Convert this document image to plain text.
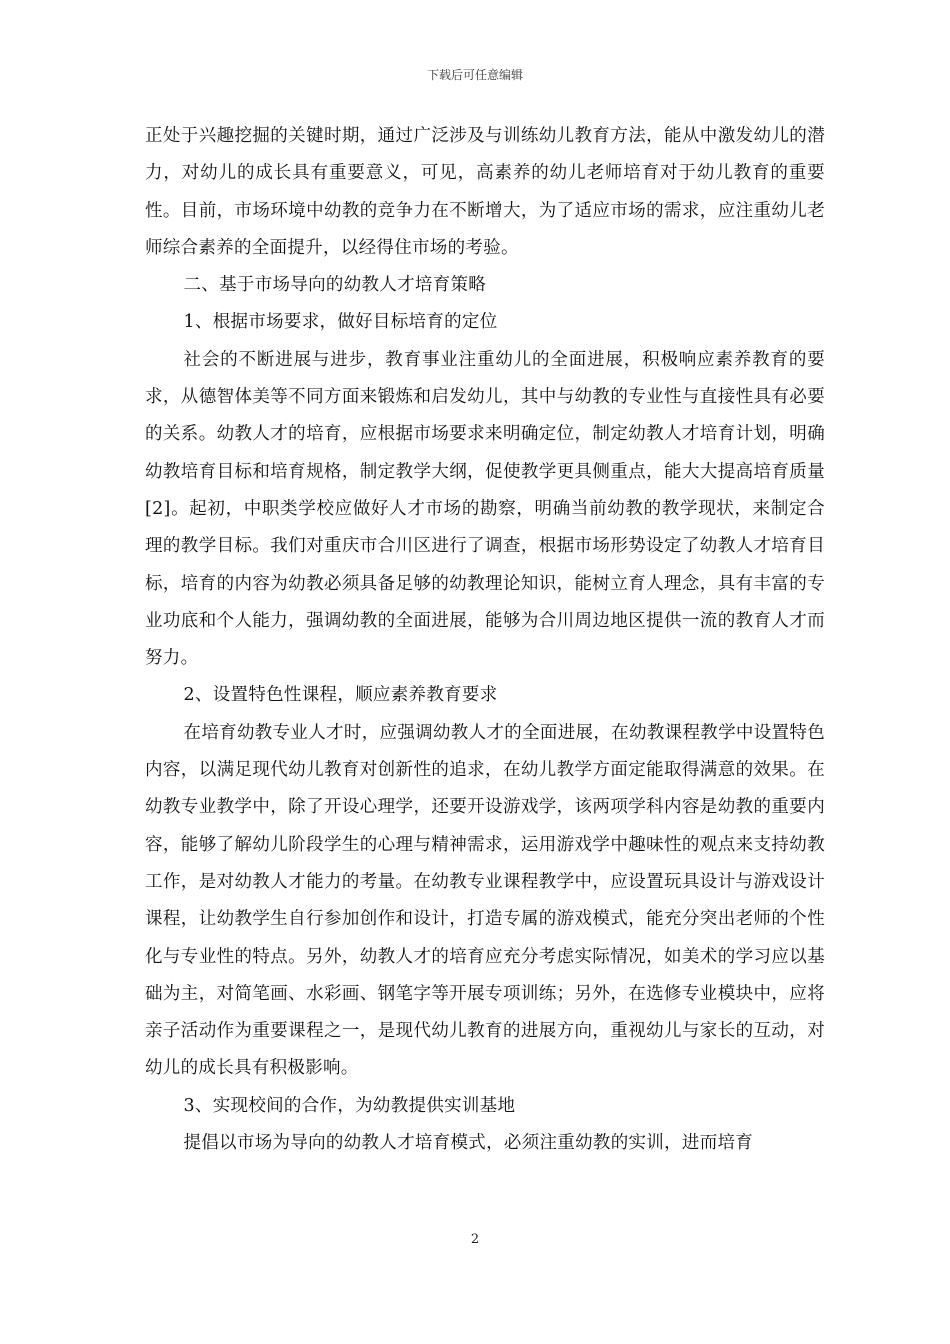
下载后可任意编辑

正处于兴趣挖掘的关键时期，通过广泛涉及与训练幼儿教育方法，能从中激发幼儿的潜力，对幼儿的成长具有重要意义，可见，高素养的幼儿老师培育对于幼儿教育的重要性。目前，市场环境中幼教的竞争力在不断增大，为了适应市场的需求，应注重幼儿老师综合素养的全面提升，以经得住市场的考验。

二、基于市场导向的幼教人才培育策略

1、根据市场要求，做好目标培育的定位

社会的不断进展与进步，教育事业注重幼儿的全面进展，积极响应素养教育的要求，从德智体美等不同方面来锻炼和启发幼儿，其中与幼教的专业性与直接性具有必要的关系。幼教人才的培育，应根据市场要求来明确定位，制定幼教人才培育计划，明确幼教培育目标和培育规格，制定教学大纲，促使教学更具侧重点，能大大提高培育质量[2]。起初，中职类学校应做好人才市场的勘察，明确当前幼教的教学现状，来制定合理的教学目标。我们对重庆市合川区进行了调查，根据市场形势设定了幼教人才培育目标，培育的内容为幼教必须具备足够的幼教理论知识，能树立育人理念，具有丰富的专业功底和个人能力，强调幼教的全面进展，能够为合川周边地区提供一流的教育人才而努力。

2、设置特色性课程，顺应素养教育要求

在培育幼教专业人才时，应强调幼教人才的全面进展，在幼教课程教学中设置特色内容，以满足现代幼儿教育对创新性的追求，在幼儿教学方面定能取得满意的效果。在幼教专业教学中，除了开设心理学，还要开设游戏学，该两项学科内容是幼教的重要内容，能够了解幼儿阶段学生的心理与精神需求，运用游戏学中趣味性的观点来支持幼教工作，是对幼教人才能力的考量。在幼教专业课程教学中，应设置玩具设计与游戏设计课程，让幼教学生自行参加创作和设计，打造专属的游戏模式，能充分突出老师的个性化与专业性的特点。另外，幼教人才的培育应充分考虑实际情况，如美术的学习应以基础为主，对简笔画、水彩画、钢笔字等开展专项训练；另外，在选修专业模块中，应将亲子活动作为重要课程之一，是现代幼儿教育的进展方向，重视幼儿与家长的互动，对幼儿的成长具有积极影响。

3、实现校间的合作，为幼教提供实训基地

提倡以市场为导向的幼教人才培育模式，必须注重幼教的实训，进而培育

2
